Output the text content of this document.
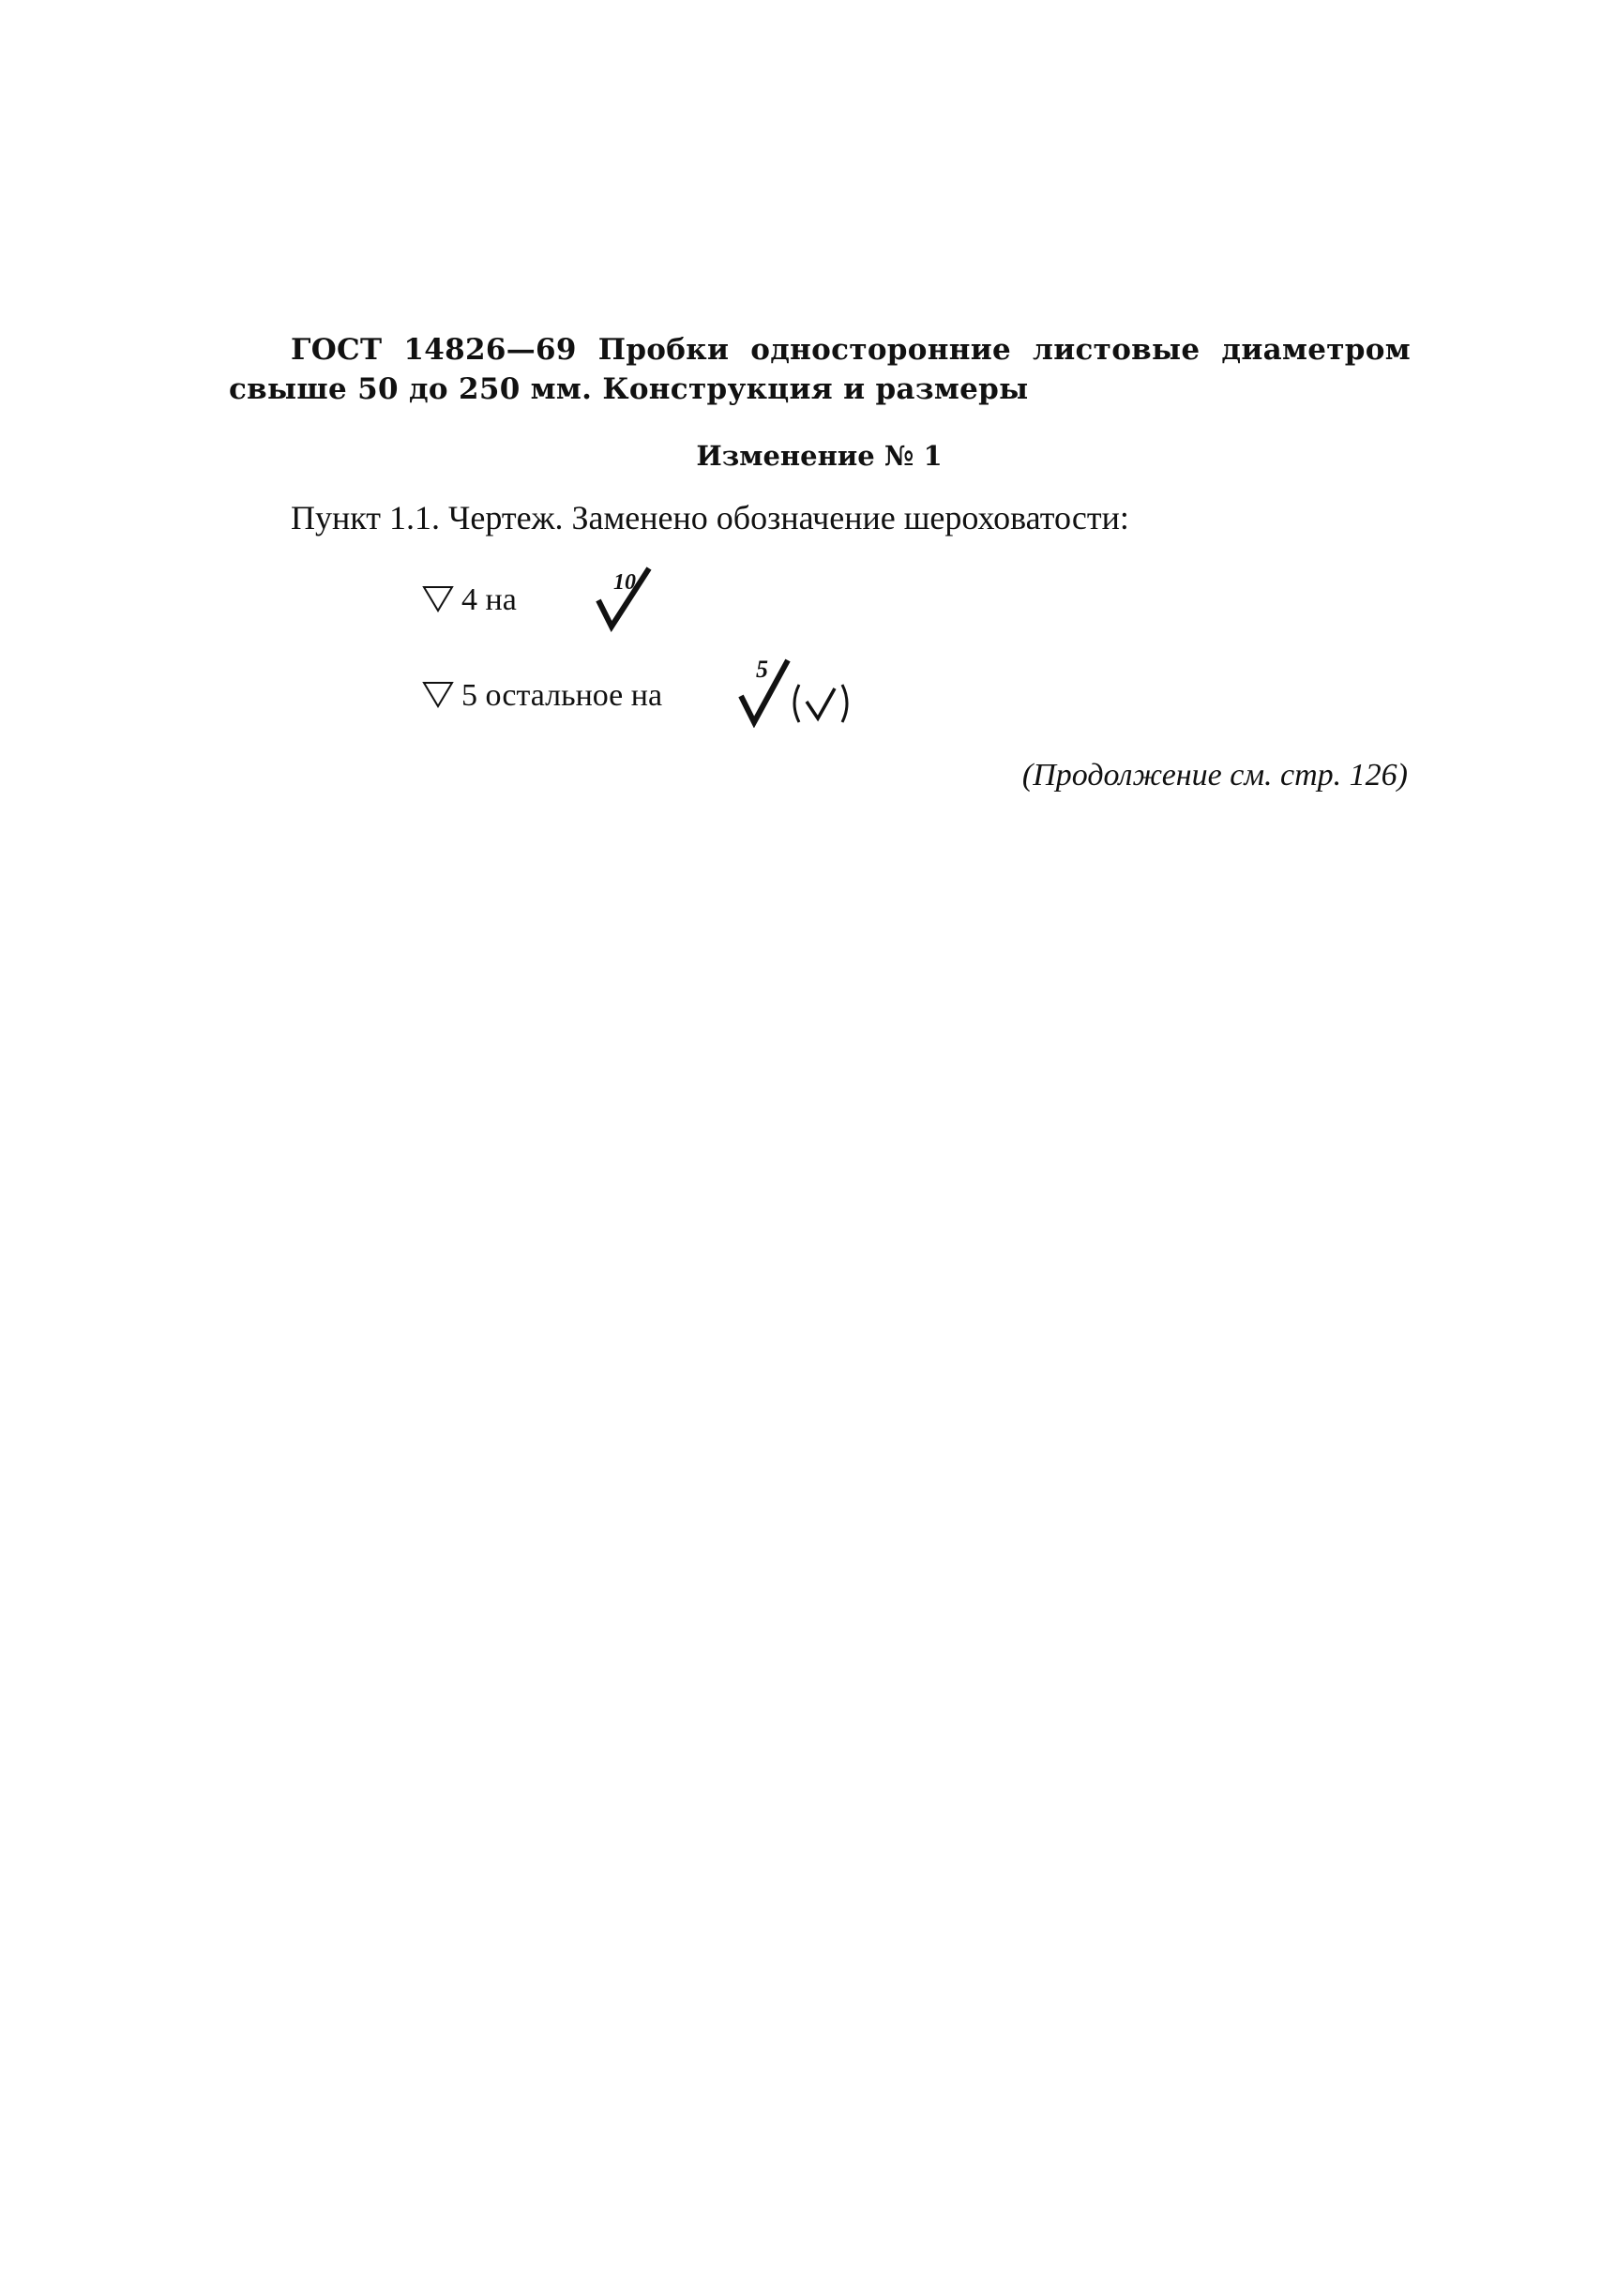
ГОСТ 14826—69 Пробки односторонние листовые диаметром свыше 50 до 250 мм. Конструкция и размеры
Изменение № 1
Пункт 1.1. Чертеж. Заменено обозначение шероховатости:
4 на	10
5 остальное на
5
(Продолжение см. стр. 126)
